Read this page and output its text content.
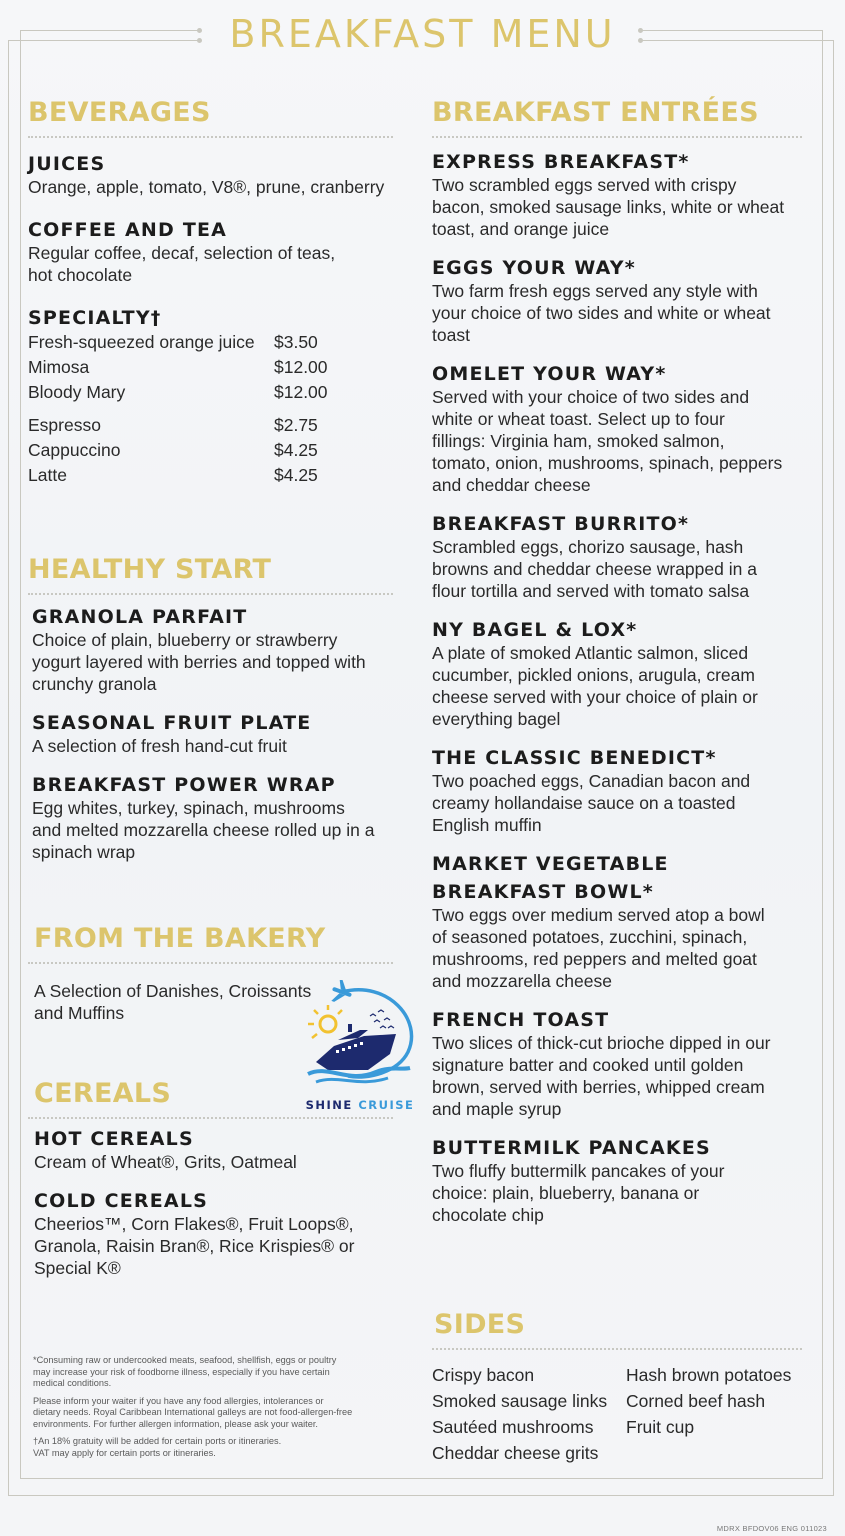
BREAKFAST MENU
BEVERAGES
JUICES
Orange, apple, tomato, V8®, prune, cranberry
COFFEE AND TEA
Regular coffee, decaf, selection of teas,
hot chocolate
SPECIALTY†
Fresh-squeezed orange juice	$3.50
Mimosa	$12.00
Bloody Mary	$12.00
Espresso	$2.75
Cappuccino	$4.25
Latte	$4.25
HEALTHY START
GRANOLA PARFAIT
Choice of plain, blueberry or strawberry
yogurt layered with berries and topped with
crunchy granola
SEASONAL FRUIT PLATE
A selection of fresh hand-cut fruit
BREAKFAST POWER WRAP
Egg whites, turkey, spinach, mushrooms
and melted mozzarella cheese rolled up in a
spinach wrap
FROM THE BAKERY
A Selection of Danishes, Croissants
and Muffins
CEREALS
HOT CEREALS
Cream of Wheat®, Grits, Oatmeal
COLD CEREALS
Cheerios™, Corn Flakes®, Fruit Loops®,
Granola, Raisin Bran®, Rice Krispies® or
Special K®
*Consuming raw or undercooked meats, seafood, shellfish, eggs or poultry
may increase your risk of foodborne illness, especially if you have certain
medical conditions.
Please inform your waiter if you have any food allergies, intolerances or
dietary needs. Royal Caribbean International galleys are not food-allergen-free
environments. For further allergen information, please ask your waiter.
†An 18% gratuity will be added for certain ports or itineraries.
VAT may apply for certain ports or itineraries.
SHINE CRUISE
BREAKFAST ENTRÉES
EXPRESS BREAKFAST*
Two scrambled eggs served with crispy
bacon, smoked sausage links, white or wheat
toast, and orange juice
EGGS YOUR WAY*
Two farm fresh eggs served any style with
your choice of two sides and white or wheat
toast
OMELET YOUR WAY*
Served with your choice of two sides and
white or wheat toast. Select up to four
fillings: Virginia ham, smoked salmon,
tomato, onion, mushrooms, spinach, peppers
and cheddar cheese
BREAKFAST BURRITO*
Scrambled eggs, chorizo sausage, hash
browns and cheddar cheese wrapped in a
flour tortilla and served with tomato salsa
NY BAGEL & LOX*
A plate of smoked Atlantic salmon, sliced
cucumber, pickled onions, arugula, cream
cheese served with your choice of plain or
everything bagel
THE CLASSIC BENEDICT*
Two poached eggs, Canadian bacon and
creamy hollandaise sauce on a toasted
English muffin
MARKET VEGETABLE
BREAKFAST BOWL*
Two eggs over medium served atop a bowl
of seasoned potatoes, zucchini, spinach,
mushrooms, red peppers and melted goat
and mozzarella cheese
FRENCH TOAST
Two slices of thick-cut brioche dipped in our
signature batter and cooked until golden
brown, served with berries, whipped cream
and maple syrup
BUTTERMILK PANCAKES
Two fluffy buttermilk pancakes of your
choice: plain, blueberry, banana or
chocolate chip
SIDES
Crispy bacon	Hash brown potatoes
Smoked sausage links	Corned beef hash
Sautéed mushrooms	Fruit cup
Cheddar cheese grits
MDRX BFDOV06 ENG 011023
